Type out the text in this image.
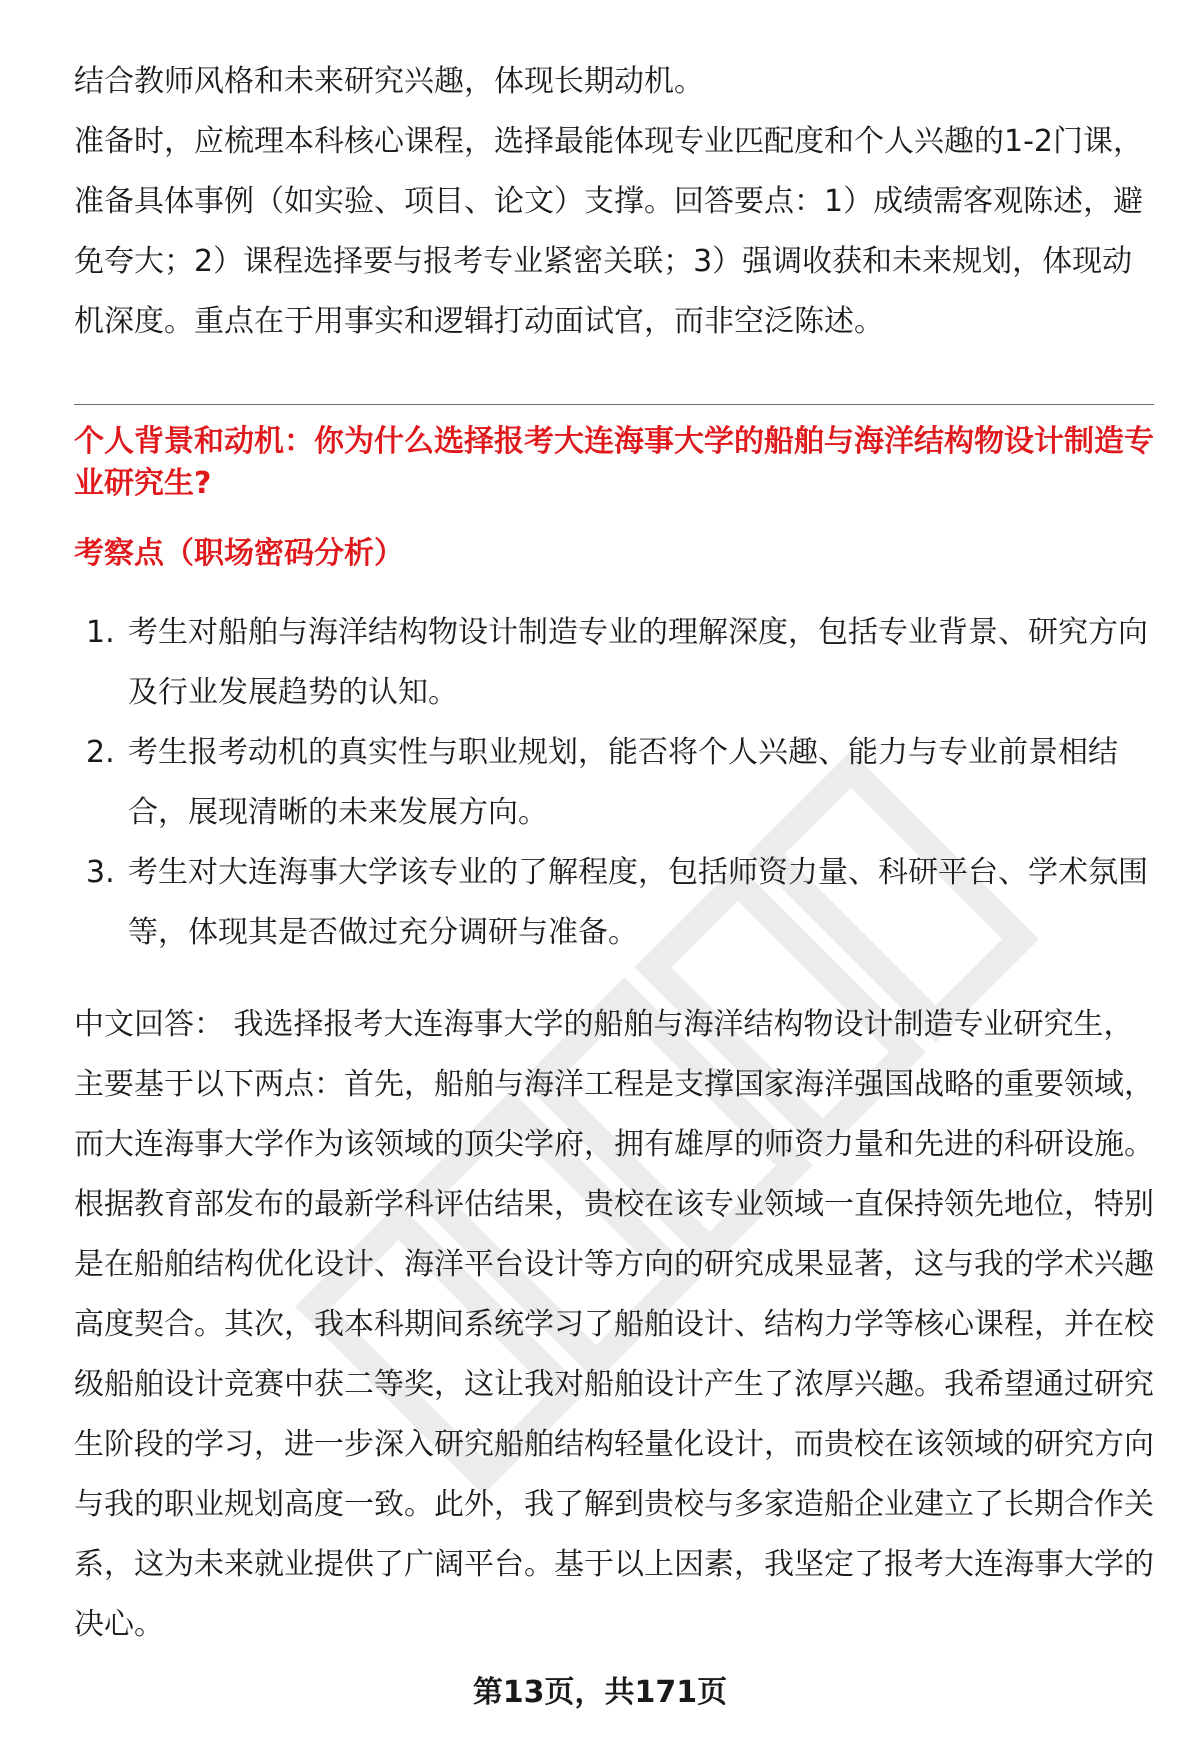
结合教师风格和未来研究兴趣，体现长期动机。

准备时，应梳理本科核心课程，选择最能体现专业匹配度和个人兴趣的1-2门课，准备具体事例（如实验、项目、论文）支撑。回答要点：1）成绩需客观陈述，避免夸大；2）课程选择要与报考专业紧密关联；3）强调收获和未来规划，体现动机深度。重点在于用事实和逻辑打动面试官，而非空泛陈述。

个人背景和动机：你为什么选择报考大连海事大学的船舶与海洋结构物设计制造专业研究生?
考察点（职场密码分析）
1. 考生对船舶与海洋结构物设计制造专业的理解深度，包括专业背景、研究方向及行业发展趋势的认知。
2. 考生报考动机的真实性与职业规划，能否将个人兴趣、能力与专业前景相结合，展现清晰的未来发展方向。
3. 考生对大连海事大学该专业的了解程度，包括师资力量、科研平台、学术氛围等，体现其是否做过充分调研与准备。

中文回答： 我选择报考大连海事大学的船舶与海洋结构物设计制造专业研究生，主要基于以下两点：首先，船舶与海洋工程是支撑国家海洋强国战略的重要领域，而大连海事大学作为该领域的顶尖学府，拥有雄厚的师资力量和先进的科研设施。根据教育部发布的最新学科评估结果，贵校在该专业领域一直保持领先地位，特别是在船舶结构优化设计、海洋平台设计等方向的研究成果显著，这与我的学术兴趣高度契合。其次，我本科期间系统学习了船舶设计、结构力学等核心课程，并在校级船舶设计竞赛中获二等奖，这让我对船舶设计产生了浓厚兴趣。我希望通过研究生阶段的学习，进一步深入研究船舶结构轻量化设计，而贵校在该领域的研究方向与我的职业规划高度一致。此外，我了解到贵校与多家造船企业建立了长期合作关系，这为未来就业提供了广阔平台。基于以上因素，我坚定了报考大连海事大学的决心。

第13页，共171页
